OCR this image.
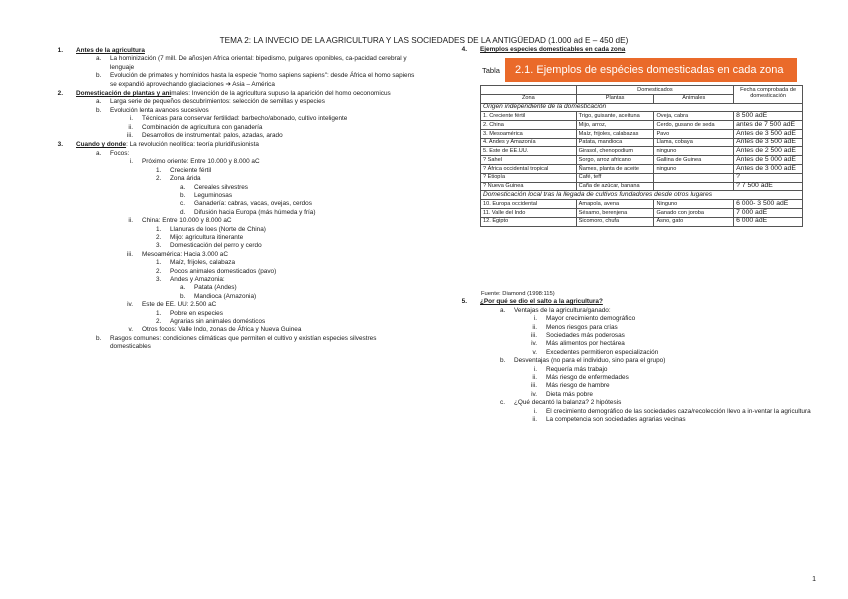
TEMA 2: LA INVECIO DE LA AGRICULTURA Y LAS SOCIEDADES DE LA ANTIGÜEDAD (1.000 ad E – 450 dE)
1.	Antes de la agricultura
a.	La hominización (7 mill. De años)en Africa oriental: bipedismo, pulgares oponibles, ca-pacidad cerebral y lenguaje
b.	Evolución de primates y homínidos hasta la especie "homo sapiens sapiens": desde África el homo sapiens se expandió aprovechando glaciaciones ➔ Asia – América
2.	Domesticación de plantas y animales: Invención de la agricultura supuso la aparición del homo oeconomicus
a.	Larga serie de pequeños descubrimientos: selección de semillas y especies
b.	Evolución lenta avances sucesivos
i.	Técnicas para conservar fertilidad: barbecho/abonado, cultivo inteligente
ii.	Combinación de agricultura con ganadería
iii.	Desarrollos de instrumental: palos, azadas, arado
3.	Cuando y donde: La revolución neolítica: teoría pluridifusionista
a.	Focos:
i.	Próximo oriente: Entre 10.000 y 8.000 aC
1.	Creciente fértil
2.	Zona árida
a.	Cereales silvestres
b.	Leguminosas
c.	Ganadería: cabras, vacas, ovejas, cerdos
d.	Difusión hacia Europa (más húmeda y fría)
ii.	China: Entre 10.000 y 8.000 aC
1.	Llanuras de loes (Norte de China)
2.	Mijo: agricultura itinerante
3.	Domesticación del perro y cerdo
iii.	Mesoamérica: Hacia 3.000 aC
1.	Maíz, frijoles, calabaza
2.	Pocos animales domesticados (pavo)
3.	Andes y Amazonia:
a.	Patata (Andes)
b.	Mandioca (Amazonia)
iv.	Este de EE. UU: 2.500 aC
1.	Pobre en especies
2.	Agrarias sin animales domésticos
v.	Otros focos: Valle Indo, zonas de África y Nueva Guinea
b.	Rasgos comunes: condiciones climáticas que permiten el cultivo y existían especies silvestres domesticables
4.	Ejemplos especies domesticables en cada zona
5.	¿Por qué se dio el salto a la agricultura?
a.	Ventajas de la agricultura/ganado:
i.	Mayor crecimiento demográfico
ii.	Menos riesgos para crías
iii.	Sociedades más poderosas
iv.	Más alimentos por hectárea
v.	Excedentes permitieron especialización
b.	Desventajas (no para el individuo, sino para el grupo)
i.	Requería más trabajo
ii.	Más riesgo de enfermedades
iii.	Más riesgo de hambre
iv.	Dieta más pobre
c.	¿Qué decantó la balanza? 2 hipótesis
i.	El crecimiento demográfico de las sociedades caza/recolección llevo a in-ventar la agricultura
ii.	La competencia son sociedades agrarias vecinas
Tabla	2.1. Ejemplos de espécies domesticadas en cada zona
	Domesticados		Fecha comprobada de domesticación
Zona	Plantas	Animales	
Origen independiente de la domesticación			
1. Creciente fértil	Trigo, guisante, aceituna	Oveja, cabra	8 500 adE
2. China	Mijo, arroz,	Cerdo, gusano de seda	antes de 7 500 adE
3. Mesoamérica	Maíz, frijoles, calabazas	Pavo	Antes de 3 500 adE
4. Andes y Amazonía	Patata, mandioca	Llama, cobaya	Antes de 3 500 adE
5. Este de EE.UU.	Girasol, chenopodium	ninguno	Antes de 2 500 adE
? Sahel	Sorgo, arroz africano	Gallina de Guinea	Antes de 5 000 adE
? África occidental tropical	Ñames, planta de aceite	ninguno	Antes de 3 000 adE
? Etiopía	Café, teff		?
? Nueva Guinea	Caña de azúcar, banana		? 7 500 adE
Domesticación local tras la llegada de cultivos fundadores desde otros lugares			
10. Europa occidental	Amapola, avena	Ninguno	6 000- 3 500 adE
11. Valle del Indo	Sésamo, berenjena	Ganado con joroba	7 000 adE
12. Egipto	Sicomoro, chufa	Asno, gato	6 000 adE
Fuente: Diamond (1998:115)
1
